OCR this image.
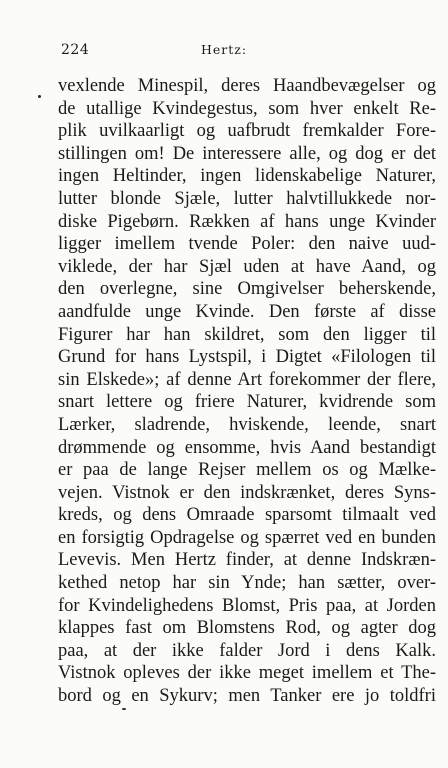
224	Hertz:
vexlende Minespil, deres Haandbevægelser og
de utallige Kvindegestus, som hver enkelt Re-
plik uvilkaarligt og uafbrudt fremkalder Fore-
stillingen om! De interessere alle, og dog er det
ingen Heltinder, ingen lidenskabelige Naturer,
lutter blonde Sjæle, lutter halvtillukkede nor-
diske Pigebørn. Rækken af hans unge Kvinder
ligger imellem tvende Poler: den naive uud-
viklede, der har Sjæl uden at have Aand, og
den overlegne, sine Omgivelser beherskende,
aandfulde unge Kvinde. Den første af disse
Figurer har han skildret, som den ligger til
Grund for hans Lystspil, i Digtet «Filologen til
sin Elskede»; af denne Art forekommer der flere,
snart lettere og friere Naturer, kvidrende som
Lærker, sladrende, hviskende, leende, snart
drømmende og ensomme, hvis Aand bestandigt
er paa de lange Rejser mellem os og Mælke-
vejen. Vistnok er den indskrænket, deres Syns-
kreds, og dens Omraade sparsomt tilmaalt ved
en forsigtig Opdragelse og spærret ved en bunden
Levevis. Men Hertz finder, at denne Indskræn-
kethed netop har sin Ynde; han sætter, over-
for Kvindelighedens Blomst, Pris paa, at Jorden
klappes fast om Blomstens Rod, og agter dog
paa, at der ikke falder Jord i dens Kalk.
Vistnok opleves der ikke meget imellem et The-
bord og en Sykurv; men Tanker ere jo toldfri
